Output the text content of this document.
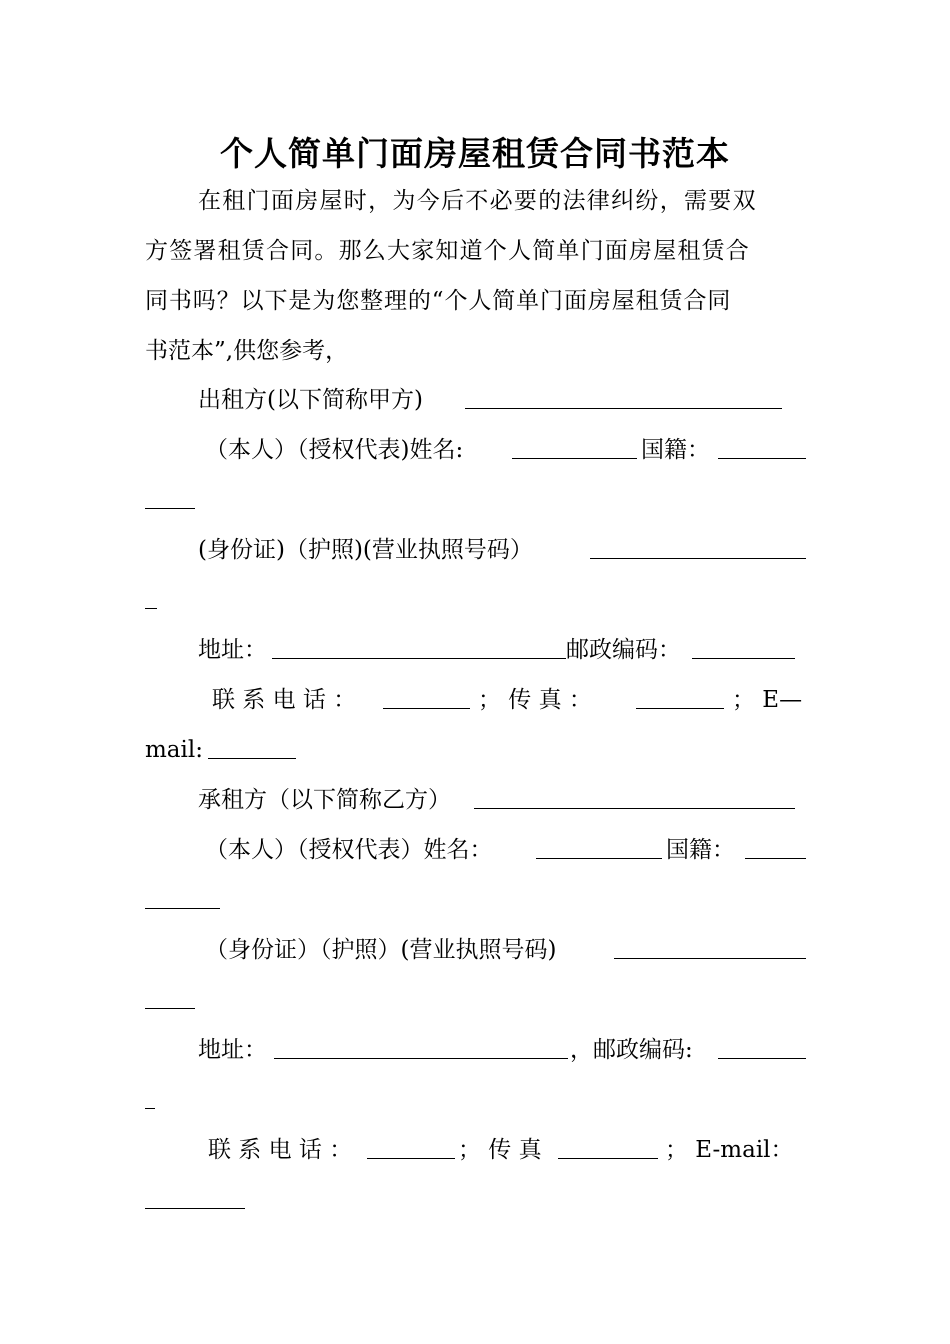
个人简单门面房屋租赁合同书范本
在租门面房屋时，为今后不必要的法律纠纷，需要双
方签署租赁合同。那么大家知道个人简单门面房屋租赁合
同书吗？以下是为您整理的“个人简单门面房屋租赁合同
书范本”,供您参考，
出租方(以下简称甲方)
（本人）（授权代表)姓名:	国籍：
(身份证)（护照)(营业执照号码）
地址：	邮政编码：
联 系 电 话 ：	； 传 真 ：	； E—
mail:
承租方（以下简称乙方）
（本人）（授权代表）姓名：	国籍：
（身份证）（护照）(营业执照号码)
地址：	，邮政编码:
联 系 电 话 ：	； 传 真	； E-mail：
